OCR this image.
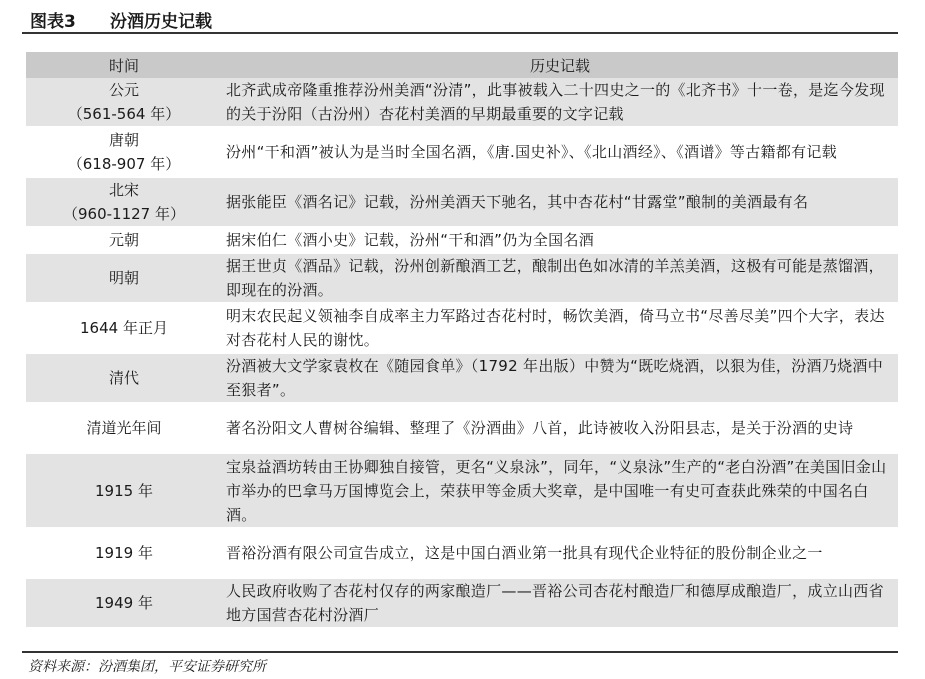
图表3	汾酒历史记载
时间	历史记载
公元
（561-564 年）	北齐武成帝隆重推荐汾州美酒“汾清”，此事被载入二十四史之一的《北齐书》十一卷，是迄今发现的关于汾阳（古汾州）杏花村美酒的早期最重要的文字记载
唐朝
（618-907 年）	汾州“干和酒”被认为是当时全国名酒，《唐.国史补》、《北山酒经》、《酒谱》等古籍都有记载
北宋
（960-1127 年）	据张能臣《酒名记》记载，汾州美酒天下驰名，其中杏花村“甘露堂”酿制的美酒最有名
元朝	据宋伯仁《酒小史》记载，汾州“干和酒”仍为全国名酒
明朝	据王世贞《酒品》记载，汾州创新酿酒工艺，酿制出色如冰清的羊羔美酒，这极有可能是蒸馏酒，即现在的汾酒。
1644 年正月	明末农民起义领袖李自成率主力军路过杏花村时，畅饮美酒，倚马立书“尽善尽美”四个大字，表达对杏花村人民的谢忱。
清代	汾酒被大文学家袁枚在《随园食单》（1792 年出版）中赞为“既吃烧酒，以狠为佳，汾酒乃烧酒中至狠者”。
清道光年间	著名汾阳文人曹树谷编辑、整理了《汾酒曲》八首，此诗被收入汾阳县志，是关于汾酒的史诗
1915 年	宝泉益酒坊转由王协卿独自接管，更名“义泉泳”，同年，“义泉泳”生产的“老白汾酒”在美国旧金山市举办的巴拿马万国博览会上，荣获甲等金质大奖章，是中国唯一有史可查获此殊荣的中国名白酒。
1919 年	晋裕汾酒有限公司宣告成立，这是中国白酒业第一批具有现代企业特征的股份制企业之一
1949 年	人民政府收购了杏花村仅存的两家酿造厂——晋裕公司杏花村酿造厂和德厚成酿造厂，成立山西省地方国营杏花村汾酒厂
资料来源：汾酒集团，平安证券研究所
